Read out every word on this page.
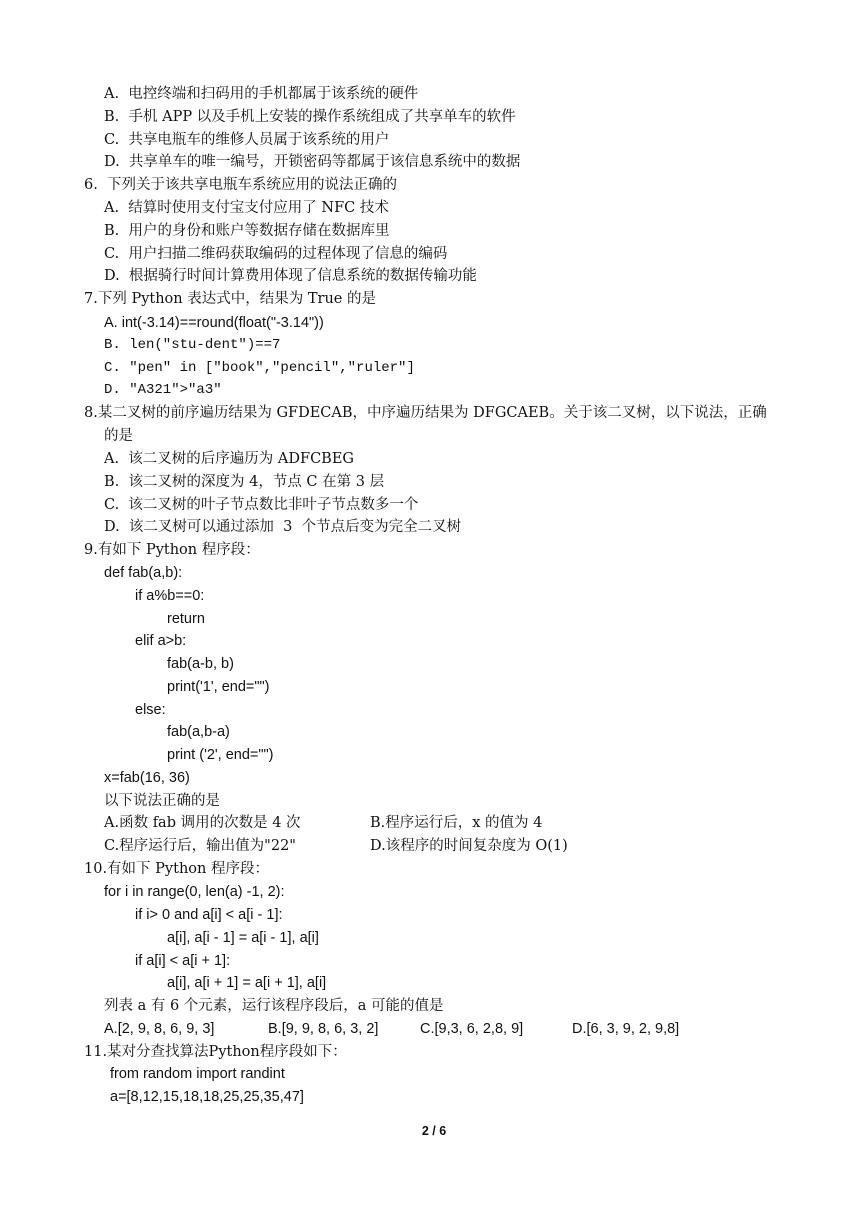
A.  电控终端和扫码用的手机都属于该系统的硬件
B.  手机 APP 以及手机上安装的操作系统组成了共享单车的软件
C.  共享电瓶车的维修人员属于该系统的用户
D.  共享单车的唯一编号，开锁密码等都属于该信息系统中的数据
6.  下列关于该共享电瓶车系统应用的说法正确的
A.  结算时使用支付宝支付应用了 NFC 技术
B.  用户的身份和账户等数据存储在数据库里
C.  用户扫描二维码获取编码的过程体现了信息的编码
D.  根据骑行时间计算费用体现了信息系统的数据传输功能
7.下列 Python 表达式中，结果为 True 的是
A. int(-3.14)==round(float("-3.14"))
B. len("stu-dent")==7
C. "pen" in ["book","pencil","ruler"]
D. "A321">"a3"
8.某二叉树的前序遍历结果为 GFDECAB，中序遍历结果为 DFGCAEB。关于该二叉树，以下说法，正确
的是
A.  该二叉树的后序遍历为 ADFCBEG
B.  该二叉树的深度为 4，节点 C 在第 3 层
C.  该二叉树的叶子节点数比非叶子节点数多一个
D.  该二叉树可以通过添加  3  个节点后变为完全二叉树
9.有如下 Python 程序段：
def fab(a,b):
if a%b==0:
return
elif a>b:
fab(a-b, b)
print('1', end="")
else:
fab(a,b-a)
print ('2', end="")
x=fab(16, 36)
以下说法正确的是
A.函数 fab 调用的次数是 4 次	B.程序运行后，x 的值为 4
C.程序运行后，输出值为"22"	D.该程序的时间复杂度为 O(1)
10.有如下 Python 程序段：
for i in range(0, len(a) -1, 2):
if i> 0 and a[i] < a[i - 1]:
a[i], a[i - 1] = a[i - 1], a[i]
if a[i] < a[i + 1]:
a[i], a[i + 1] = a[i + 1], a[i]
列表 a 有 6 个元素，运行该程序段后，a 可能的值是
A.[2, 9, 8, 6, 9, 3]	B.[9, 9, 8, 6, 3, 2]	C.[9,3, 6, 2,8, 9]	D.[6, 3, 9, 2, 9,8]
11.某对分查找算法Python程序段如下：
from random import randint
a=[8,12,15,18,18,25,25,35,47]
2 / 6
